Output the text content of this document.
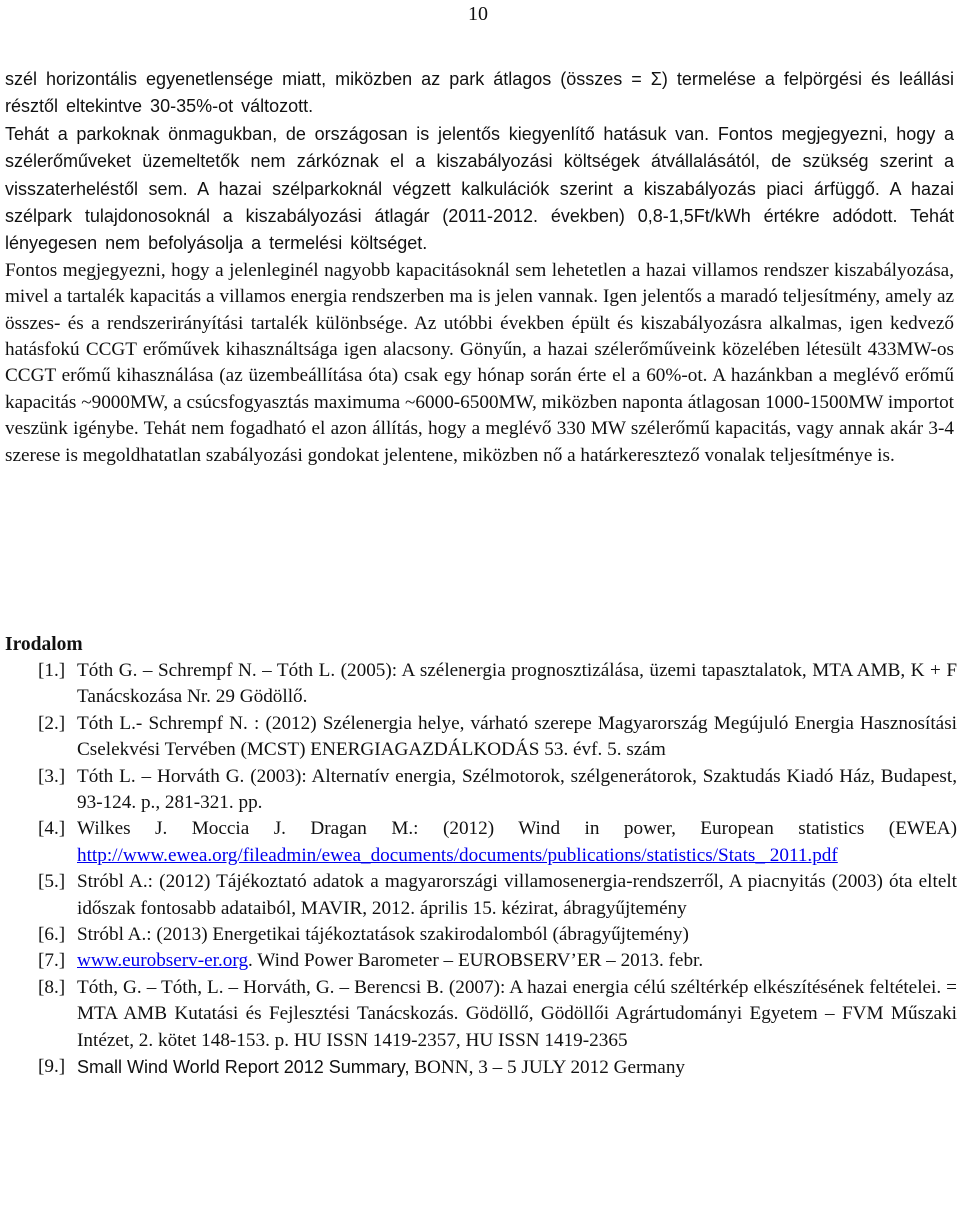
10

szél horizontális egyenetlensége miatt, miközben az park átlagos (összes = Σ) termelése a felpörgési és leállási résztől eltekintve 30-35%-ot változott.

Tehát a parkoknak önmagukban, de országosan is jelentős kiegyenlítő hatásuk van. Fontos megjegyezni, hogy a szélerőműveket üzemeltetők nem zárkóznak el a kiszabályozási költségek átvállalásától, de szükség szerint a visszaterheléstől sem. A hazai szélparkoknál végzett kalkulációk szerint a kiszabályozás piaci árfüggő. A hazai szélpark tulajdonosoknál a kiszabályozási átlagár (2011-2012. években) 0,8-1,5Ft/kWh értékre adódott. Tehát lényegesen nem befolyásolja a termelési költséget.

Fontos megjegyezni, hogy a jelenleginél nagyobb kapacitásoknál sem lehetetlen a hazai villamos rendszer kiszabályozása, mivel a tartalék kapacitás a villamos energia rendszerben ma is jelen vannak. Igen jelentős a maradó teljesítmény, amely az összes- és a rendszerirányítási tartalék különbsége. Az utóbbi években épült és kiszabályozásra alkalmas, igen kedvező hatásfokú CCGT erőművek kihasználtsága igen alacsony. Gönyűn, a hazai szélerőműveink közelében létesült 433MW-os CCGT erőmű kihasználása (az üzembeállítása óta) csak egy hónap során érte el a 60%-ot. A hazánkban a meglévő erőmű kapacitás ~9000MW, a csúcsfogyasztás maximuma ~6000-6500MW, miközben naponta átlagosan 1000-1500MW importot veszünk igénybe. Tehát nem fogadható el azon állítás, hogy a meglévő 330 MW szélerőmű kapacitás, vagy annak akár 3-4 szerese is megoldhatatlan szabályozási gondokat jelentene, miközben nő a határkeresztező vonalak teljesítménye is.

Irodalom
[1.] Tóth G. – Schrempf N. – Tóth L. (2005): A szélenergia prognosztizálása, üzemi tapasztalatok, MTA AMB, K + F Tanácskozása Nr. 29 Gödöllő.
[2.] Tóth L.- Schrempf N. : (2012) Szélenergia helye, várható szerepe Magyarország Megújuló Energia Hasznosítási Cselekvési Tervében (MCST) ENERGIAGAZDÁLKODÁS 53. évf. 5. szám
[3.] Tóth L. – Horváth G. (2003): Alternatív energia, Szélmotorok, szélgenerátorok, Szaktudás Kiadó Ház, Budapest, 93-124. p., 281-321. pp.
[4.] Wilkes J. Moccia J. Dragan M.: (2012) Wind in power, European statistics (EWEA) http://www.ewea.org/fileadmin/ewea_documents/documents/publications/statistics/Stats_ 2011.pdf
[5.] Stróbl A.: (2012) Tájékoztató adatok a magyarországi villamosenergia-rendszerről, A piacnyitás (2003) óta eltelt időszak fontosabb adataiból, MAVIR, 2012. április 15. kézirat, ábragyűjtemény
[6.] Stróbl A.: (2013) Energetikai tájékoztatások szakirodalomból (ábragyűjtemény)
[7.] www.eurobserv-er.org. Wind Power Barometer – EUROBSERV’ER – 2013. febr.
[8.] Tóth, G. – Tóth, L. – Horváth, G. – Berencsi B. (2007): A hazai energia célú széltérkép elkészítésének feltételei. = MTA AMB Kutatási és Fejlesztési Tanácskozás. Gödöllő, Gödöllői Agrártudományi Egyetem – FVM Műszaki Intézet, 2. kötet 148-153. p. HU ISSN 1419-2357, HU ISSN 1419-2365
[9.] Small Wind World Report 2012 Summary, BONN, 3 – 5 JULY 2012 Germany
